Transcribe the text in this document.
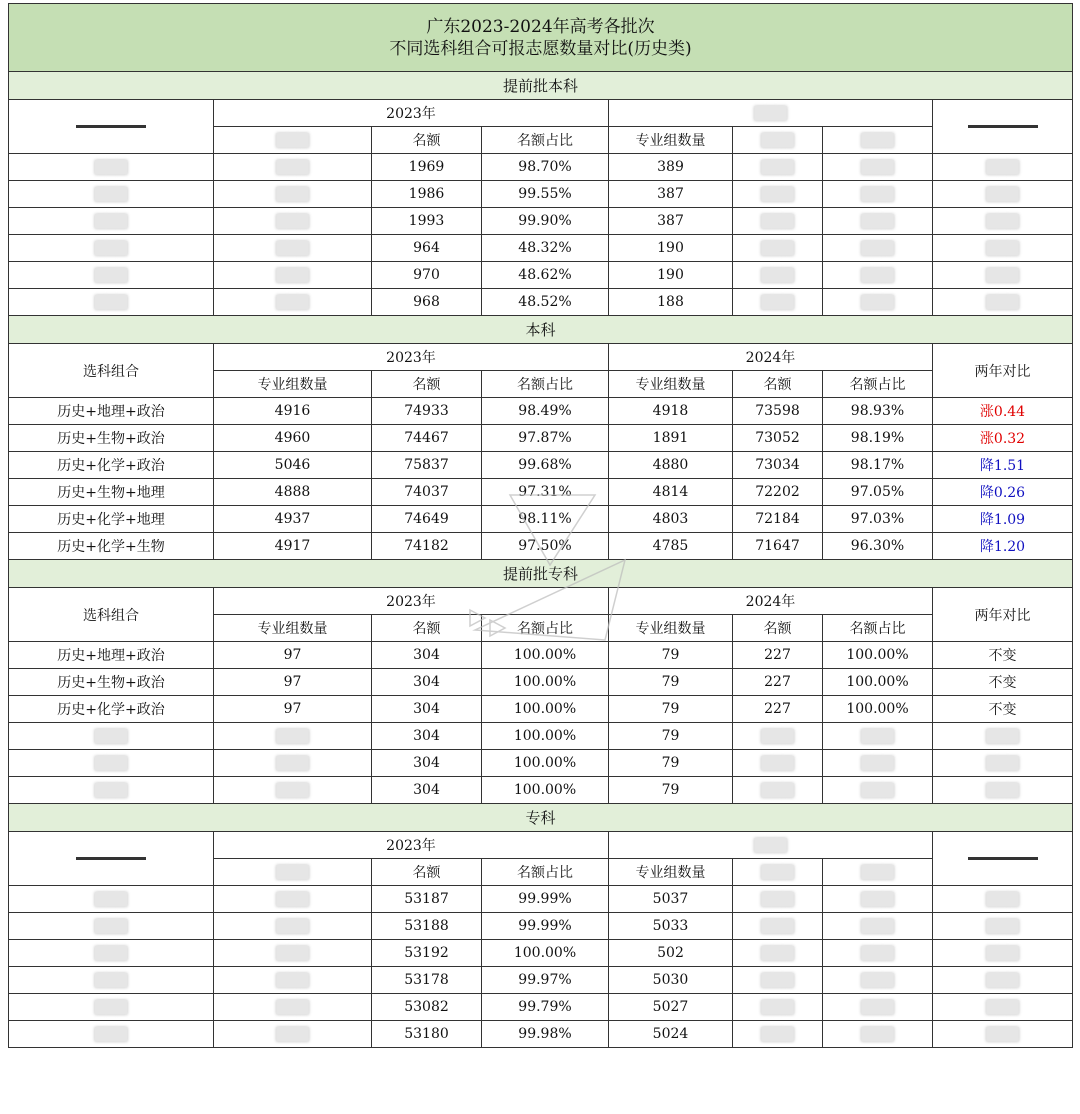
广东2023-2024年高考各批次
不同选科组合可报志愿数量对比(历史类)							

提前批本科							
	2023年			▇▇▇			
	▇▇▇	名额	名额占比	专业组数量	▇▇▇	▇▇▇	
▇▇▇	▇▇▇	1969	98.70%	389	▇▇▇	▇▇▇	▇▇▇
▇▇▇	▇▇▇	1986	99.55%	387	▇▇▇	▇▇▇	▇▇▇
▇▇▇	▇▇▇	1993	99.90%	387	▇▇▇	▇▇▇	▇▇▇
▇▇▇	▇▇▇	964	48.32%	190	▇▇▇	▇▇▇	▇▇▇
▇▇▇	▇▇▇	970	48.62%	190	▇▇▇	▇▇▇	▇▇▇
▇▇▇	▇▇▇	968	48.52%	188	▇▇▇	▇▇▇	▇▇▇
本科							
选科组合	2023年			2024年			两年对比
	专业组数量	名额	名额占比	专业组数量	名额	名额占比	
历史+地理+政治	4916	74933	98.49%	4918	73598	98.93%	涨0.44
历史+生物+政治	4960	74467	97.87%	1891	73052	98.19%	涨0.32
历史+化学+政治	5046	75837	99.68%	4880	73034	98.17%	降1.51
历史+生物+地理	4888	74037	97.31%	4814	72202	97.05%	降0.26
历史+化学+地理	4937	74649	98.11%	4803	72184	97.03%	降1.09
历史+化学+生物	4917	74182	97.50%	4785	71647	96.30%	降1.20
提前批专科							
选科组合	2023年			2024年			两年对比
	专业组数量	名额	名额占比	专业组数量	名额	名额占比	
历史+地理+政治	97	304	100.00%	79	227	100.00%	不变
历史+生物+政治	97	304	100.00%	79	227	100.00%	不变
历史+化学+政治	97	304	100.00%	79	227	100.00%	不变
▇▇▇	▇▇▇	304	100.00%	79	▇▇▇	▇▇▇	▇▇▇
▇▇▇	▇▇▇	304	100.00%	79	▇▇▇	▇▇▇	▇▇▇
▇▇▇	▇▇▇	304	100.00%	79	▇▇▇	▇▇▇	▇▇▇
专科							
	2023年			▇▇▇			
	▇▇▇	名额	名额占比	专业组数量	▇▇▇	▇▇▇	
▇▇▇	▇▇▇	53187	99.99%	5037	▇▇▇	▇▇▇	▇▇▇
▇▇▇	▇▇▇	53188	99.99%	5033	▇▇▇	▇▇▇	▇▇▇
▇▇▇	▇▇▇	53192	100.00%	502	▇▇▇	▇▇▇	▇▇▇
▇▇▇	▇▇▇	53178	99.97%	5030	▇▇▇	▇▇▇	▇▇▇
▇▇▇	▇▇▇	53082	99.79%	5027	▇▇▇	▇▇▇	▇▇▇
▇▇▇	▇▇▇	53180	99.98%	5024	▇▇▇	▇▇▇	▇▇▇
